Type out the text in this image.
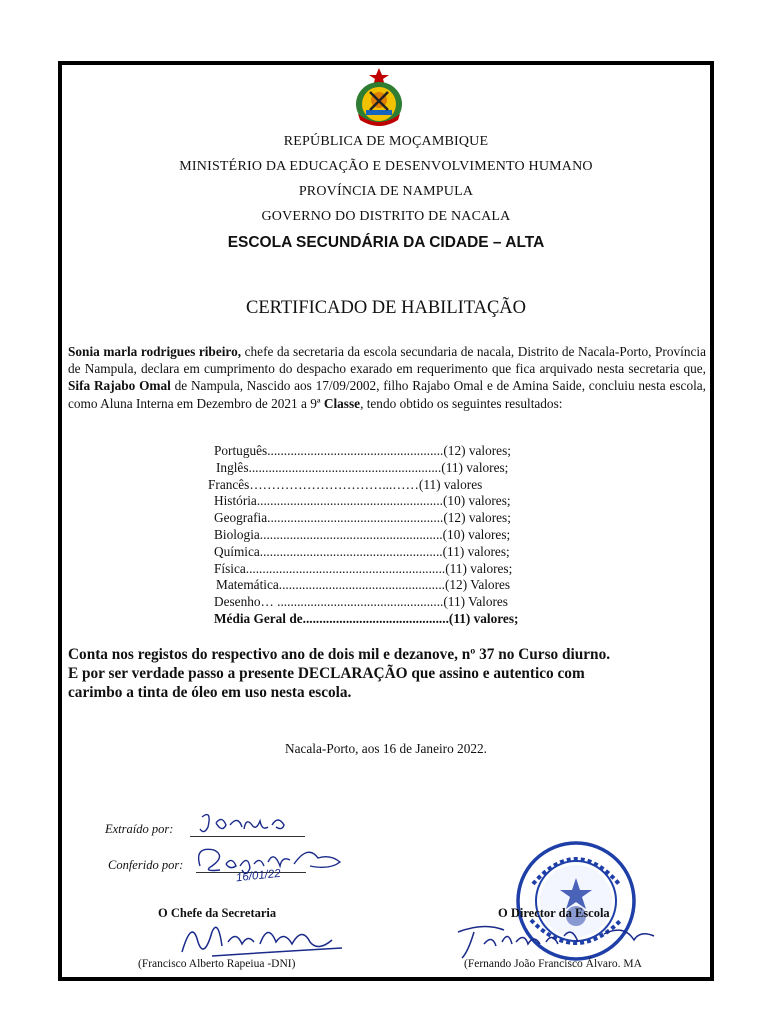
REPÚBLICA DE MOÇAMBIQUE
MINISTÉRIO DA EDUCAÇÃO E DESENVOLVIMENTO HUMANO
PROVÍNCIA DE NAMPULA
GOVERNO DO DISTRITO DE NACALA
ESCOLA SECUNDÁRIA DA CIDADE – ALTA
CERTIFICADO DE HABILITAÇÃO
Sonia marla rodrigues ribeiro, chefe da secretaria da escola secundaria de nacala, Distrito de Nacala-Porto, Província de Nampula, declara em cumprimento do despacho exarado em requerimento que fica arquivado nesta secretaria que, Sifa Rajabo Omal de Nampula, Nascido aos 17/09/2002, filho Rajabo Omal e de Amina Saide, concluiu nesta escola, como Aluna Interna em Dezembro de 2021 a 9ª Classe, tendo obtido os seguintes resultados:
Português.....................................................(12) valores;
Inglês..........................................................(11) valores;
Francês…………………………...……(11) valores
História........................................................(10) valores;
Geografia.....................................................(12) valores;
Biologia.......................................................(10) valores;
Química.......................................................(11) valores;
Física............................................................(11) valores;
Matemática..................................................(12) Valores
Desenho… ..................................................(11) Valores
Média Geral de............................................(11) valores;
Conta nos registos do respectivo ano de dois mil e dezanove, nº 37 no Curso diurno.
E por ser verdade passo a presente DECLARAÇÃO que assino e autentico com
carimbo a tinta de óleo em uso nesta escola.
Nacala-Porto, aos 16 de Janeiro 2022.
Extraído por:
Conferido por:
16/01/22
O Chefe da Secretaria
(Francisco Alberto Rapeiua -DNI)
O Director da Escola
(Fernando João Francisco Álvaro. MA
